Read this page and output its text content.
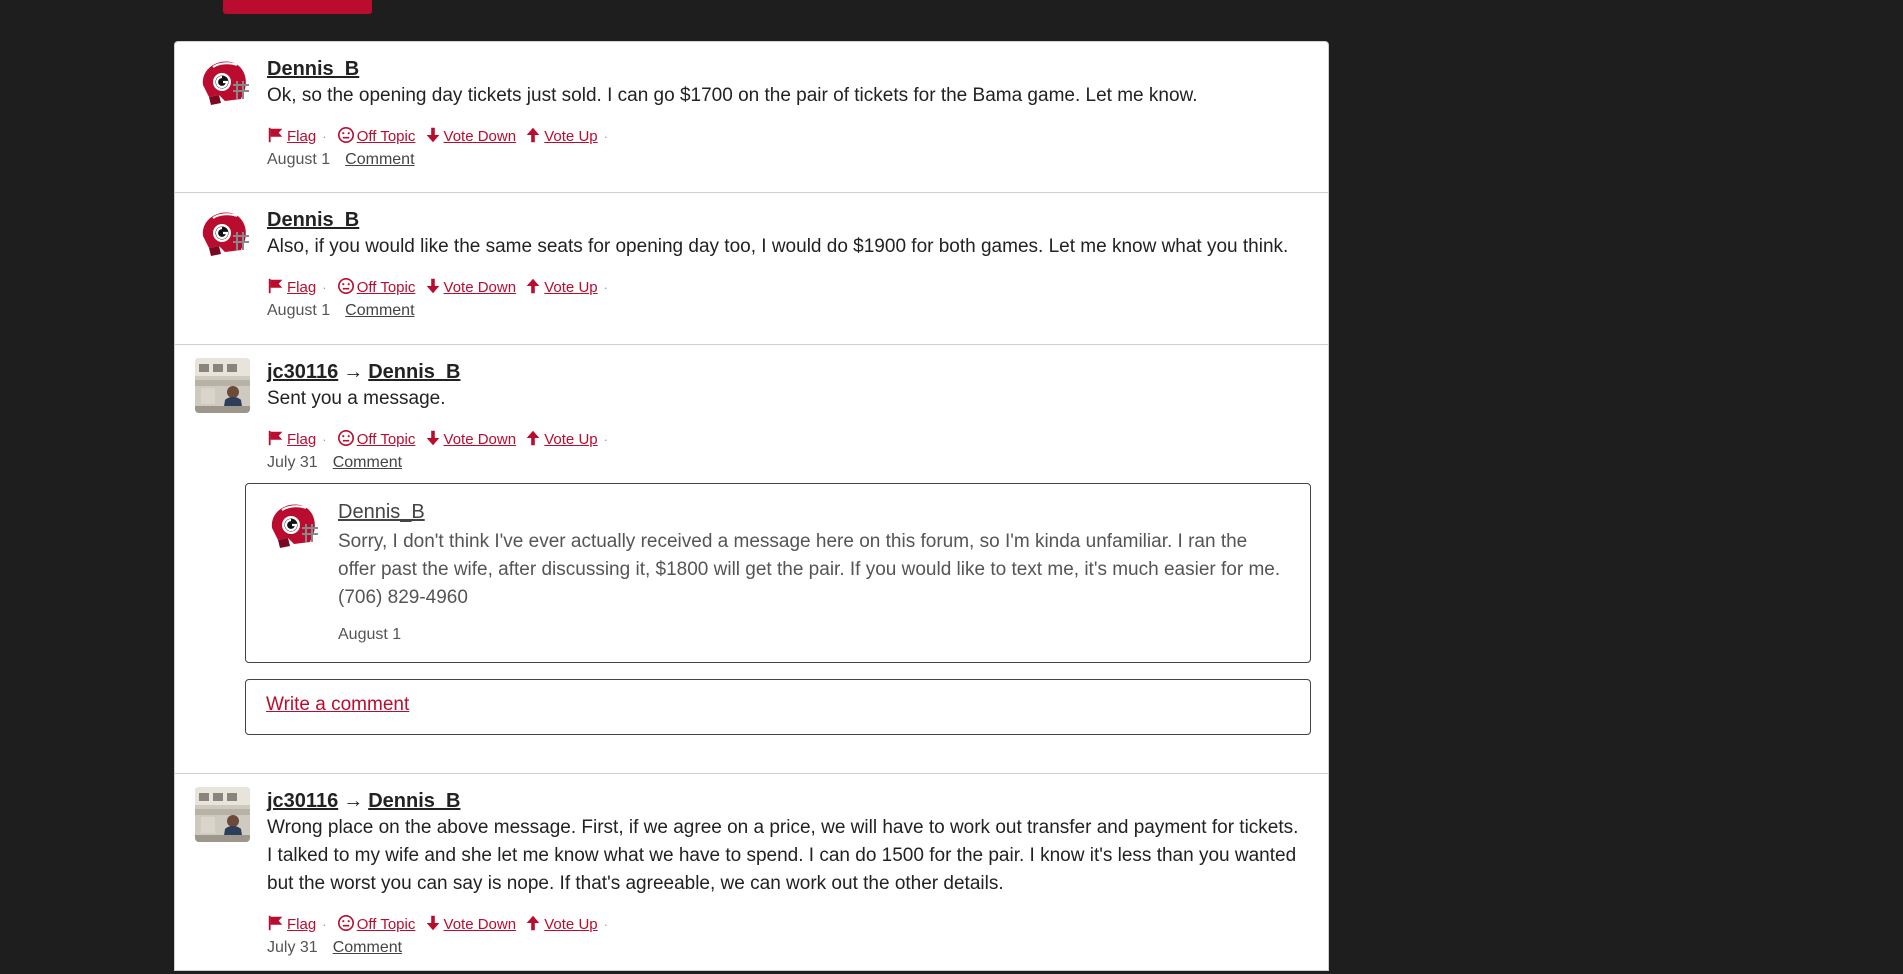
Dennis_B
Ok, so the opening day tickets just sold. I can go $1700 on the pair of tickets for the Bama game. Let me know.
Flag · Off Topic Vote Down Vote Up ·
August 1 Comment
Dennis_B
Also, if you would like the same seats for opening day too, I would do $1900 for both games. Let me know what you think.
Flag · Off Topic Vote Down Vote Up ·
August 1 Comment
jc30116 → Dennis_B
Sent you a message.
Flag · Off Topic Vote Down Vote Up ·
July 31 Comment
Dennis_B
Sorry, I don't think I've ever actually received a message here on this forum, so I'm kinda unfamiliar. I ran the offer past the wife, after discussing it, $1800 will get the pair. If you would like to text me, it's much easier for me. (706) 829-4960
August 1
Write a comment
jc30116 → Dennis_B
Wrong place on the above message. First, if we agree on a price, we will have to work out transfer and payment for tickets. I talked to my wife and she let me know what we have to spend. I can do 1500 for the pair. I know it's less than you wanted but the worst you can say is nope. If that's agreeable, we can work out the other details.
Flag · Off Topic Vote Down Vote Up ·
July 31 Comment
